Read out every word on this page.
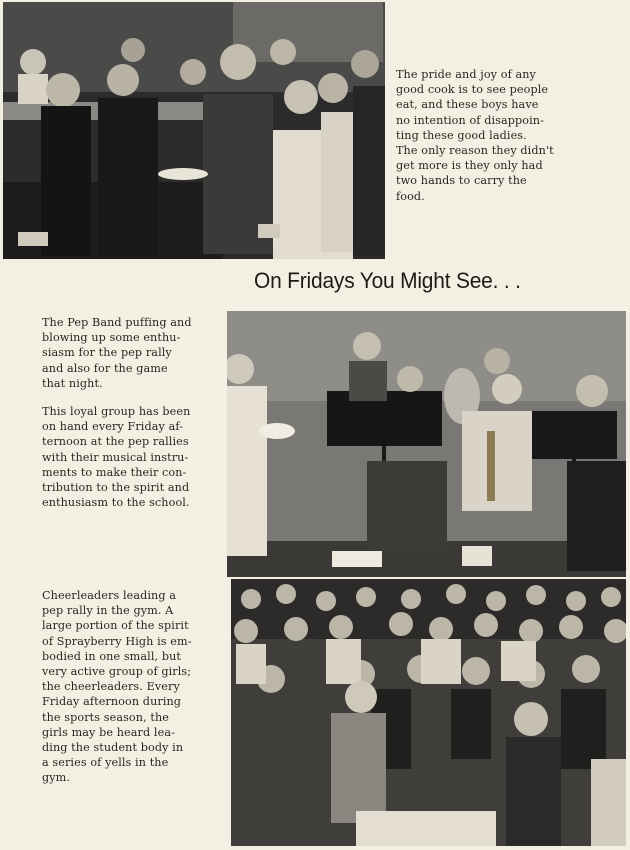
The pride and joy of any
good cook is to see people
eat, and these boys have
no intention of disappoin-
ting these good ladies.
The only reason they didn't
get more is they only had
two hands to carry the
food.

On Fridays You Might See. . .

The Pep Band puffing and
blowing up some enthu-
siasm for the pep rally
and also for the game
that night.

This loyal group has been
on hand every Friday af-
ternoon at the pep rallies
with their musical instru-
ments to make their con-
tribution to the spirit and
enthusiasm to the school.

Cheerleaders leading a
pep rally in the gym. A
large portion of the spirit
of Sprayberry High is em-
bodied in one small, but
very active group of girls;
the cheerleaders. Every
Friday afternoon during
the sports season, the
girls may be heard lea-
ding the student body in
a series of yells in the
gym.
